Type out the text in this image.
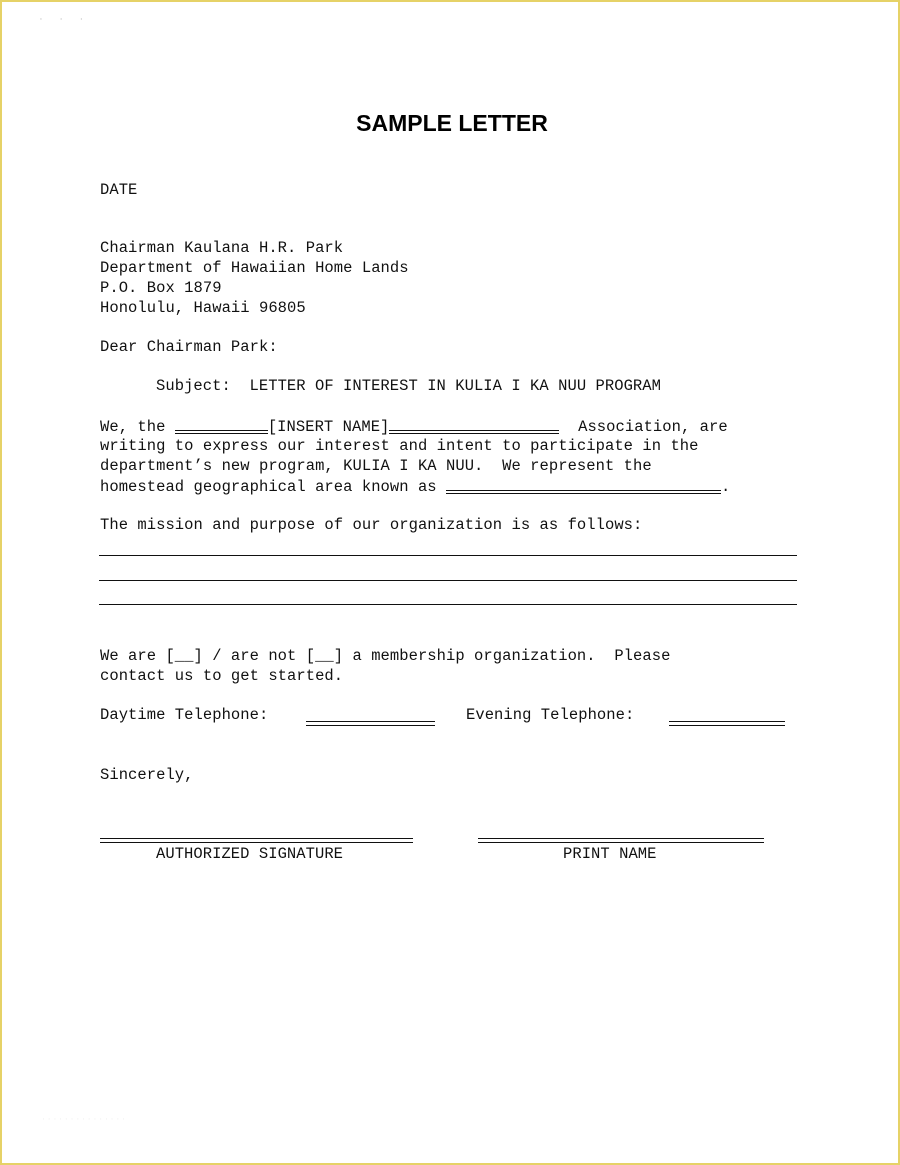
' ' '
SAMPLE LETTER
DATE
Chairman Kaulana H.R. Park
Department of Hawaiian Home Lands
P.O. Box 1879
Honolulu, Hawaii 96805
Dear Chairman Park:
Subject: LETTER OF INTEREST IN KULIA I KA NUU PROGRAM
We, the	[INSERT NAME]	Association, are
writing to express our interest and intent to participate in the
department’s new program, KULIA I KA NUU.  We represent the
homestead geographical area known as	.
The mission and purpose of our organization is as follows:
We are [__] / are not [__] a membership organization.  Please
contact us to get started.
Daytime Telephone:	Evening Telephone:
Sincerely,
AUTHORIZED SIGNATURE	PRINT NAME
· · · · · · · · · · · · · · ·
